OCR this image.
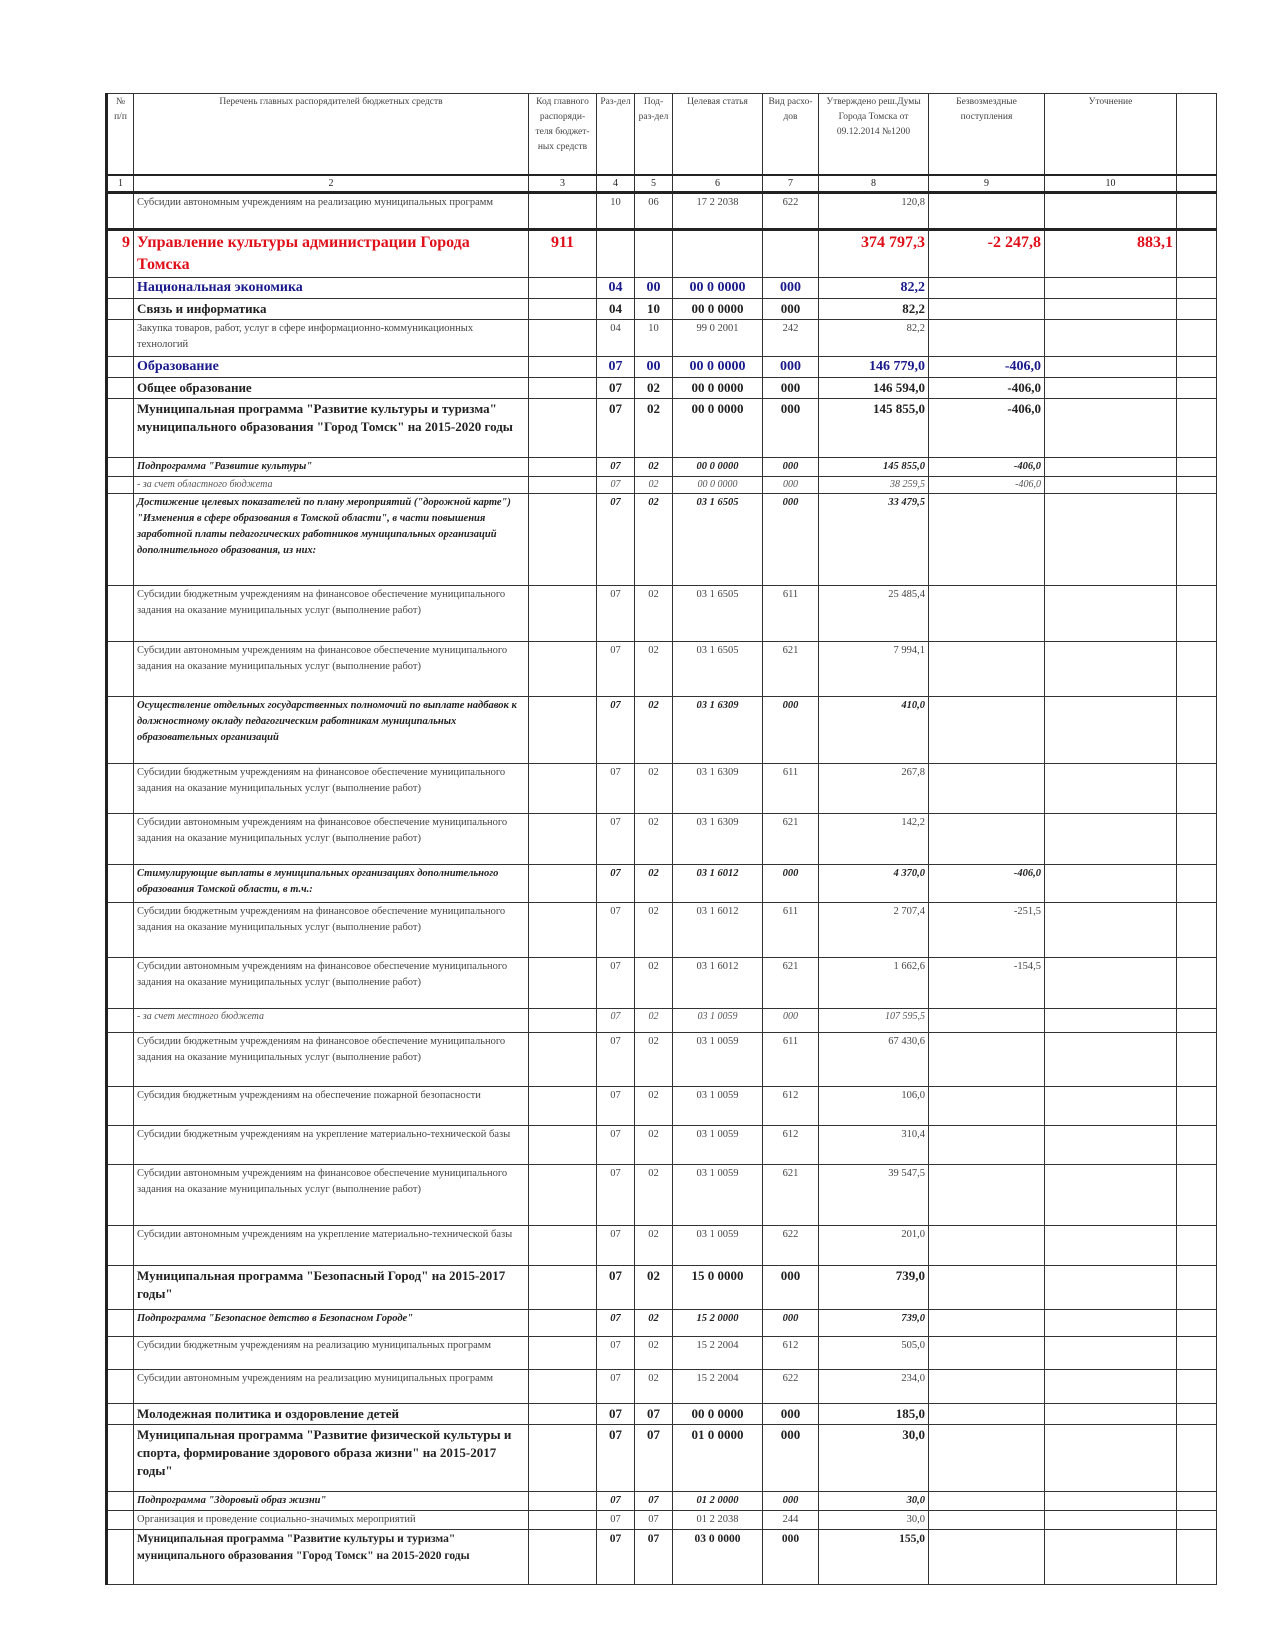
№ п/п	Перечень главных распорядителей бюджетных средств	Код главного распоряди-теля бюджет-ных средств	Раз-дел	Под-раз-дел	Целевая статья	Вид расхо-дов	Утверждено реш.Думы Города Томска от 09.12.2014 №1200	Безвозмездные поступления	Уточнение	
1	2	3	4	5	6	7	8	9	10	
	Субсидии автономным учреждениям на реализацию муниципальных программ		10	06	17 2 2038	622	120,8			
9	Управление культуры администрации Города Томска	911					374 797,3	-2 247,8	883,1	
	Национальная экономика		04	00	00 0 0000	000	82,2			
	Связь и информатика		04	10	00 0 0000	000	82,2			
	Закупка товаров, работ, услуг в сфере информационно-коммуникационных технологий		04	10	99 0 2001	242	82,2			
	Образование		07	00	00 0 0000	000	146 779,0	-406,0		
	Общее образование		07	02	00 0 0000	000	146 594,0	-406,0		
	Муниципальная программа "Развитие культуры и туризма" муниципального образования "Город Томск" на 2015-2020 годы		07	02	00 0 0000	000	145 855,0	-406,0		
	Подпрограмма "Развитие культуры"		07	02	00 0 0000	000	145 855,0	-406,0		
	- за счет областного бюджета		07	02	00 0 0000	000	38 259,5	-406,0		
	Достижение целевых показателей по плану мероприятий ("дорожной карте") "Изменения в сфере образования в Томской области", в части повышения заработной платы педагогических работников муниципальных организаций дополнительного образования, из них:		07	02	03 1 6505	000	33 479,5			
	Субсидии бюджетным учреждениям на финансовое обеспечение муниципального задания на оказание муниципальных услуг (выполнение работ)		07	02	03 1 6505	611	25 485,4			
	Субсидии автономным учреждениям на финансовое обеспечение муниципального задания на оказание муниципальных услуг (выполнение работ)		07	02	03 1 6505	621	7 994,1			
	Осуществление отдельных государственных полномочий по выплате надбавок к должностному окладу педагогическим работникам муниципальных образовательных организаций		07	02	03 1 6309	000	410,0			
	Субсидии бюджетным учреждениям на финансовое обеспечение муниципального задания на оказание муниципальных услуг (выполнение работ)		07	02	03 1 6309	611	267,8			
	Субсидии автономным учреждениям на финансовое обеспечение муниципального задания на оказание муниципальных услуг (выполнение работ)		07	02	03 1 6309	621	142,2			
	Стимулирующие выплаты в муниципальных организациях дополнительного образования Томской области, в т.ч.:		07	02	03 1 6012	000	4 370,0	-406,0		
	Субсидии бюджетным учреждениям на финансовое обеспечение муниципального задания на оказание муниципальных услуг (выполнение работ)		07	02	03 1 6012	611	2 707,4	-251,5		
	Субсидии автономным учреждениям на финансовое обеспечение муниципального задания на оказание муниципальных услуг (выполнение работ)		07	02	03 1 6012	621	1 662,6	-154,5		
	- за счет местного бюджета		07	02	03 1 0059	000	107 595,5			
	Субсидии бюджетным учреждениям на финансовое обеспечение муниципального задания на оказание муниципальных услуг (выполнение работ)		07	02	03 1 0059	611	67 430,6			
	Субсидия бюджетным учреждениям на обеспечение пожарной безопасности		07	02	03 1 0059	612	106,0			
	Субсидии бюджетным учреждениям на укрепление материально-технической базы		07	02	03 1 0059	612	310,4			
	Субсидии автономным учреждениям на финансовое обеспечение муниципального задания на оказание муниципальных услуг (выполнение работ)		07	02	03 1 0059	621	39 547,5			
	Субсидии автономным учреждениям на укрепление материально-технической базы		07	02	03 1 0059	622	201,0			
	Муниципальная программа "Безопасный Город" на 2015-2017 годы"		07	02	15 0 0000	000	739,0			
	Подпрограмма "Безопасное детство в Безопасном Городе"		07	02	15 2 0000	000	739,0			
	Субсидии бюджетным учреждениям на реализацию муниципальных программ		07	02	15 2 2004	612	505,0			
	Субсидии автономным учреждениям на реализацию муниципальных программ		07	02	15 2 2004	622	234,0			
	Молодежная политика и оздоровление детей		07	07	00 0 0000	000	185,0			
	Муниципальная программа "Развитие физической культуры и спорта, формирование здорового образа жизни" на 2015-2017 годы"		07	07	01 0 0000	000	30,0			
	Подпрограмма "Здоровый образ жизни"		07	07	01 2 0000	000	30,0			
	Организация и проведение социально-значимых мероприятий		07	07	01 2 2038	244	30,0			
	Муниципальная программа "Развитие культуры и туризма" муниципального образования "Город Томск" на 2015-2020 годы		07	07	03 0 0000	000	155,0			
